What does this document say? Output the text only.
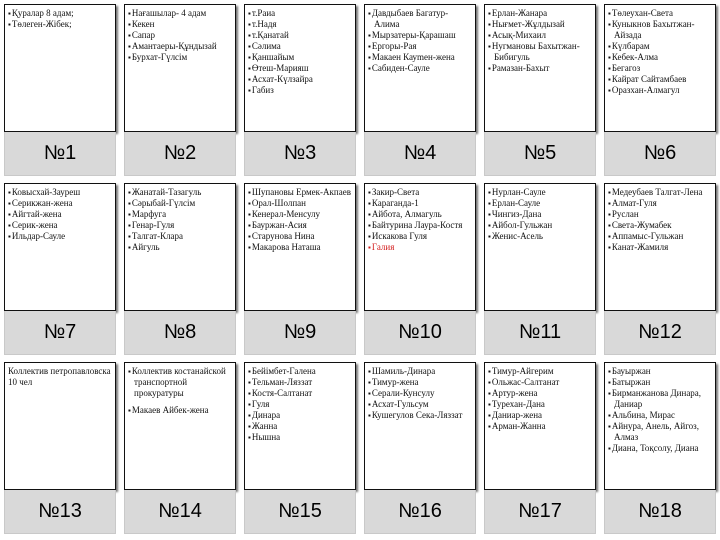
▪ Қуралар 8 адам;
▪ Төлеген-Жібек;
№1
▪ Нағашылар- 4 адам
▪ Кекен
▪ Сапар
▪ Амантаеры-Құндызай
▪ Бурхат-Гүлсім
№2
▪ т.Раиа
▪ т.Надя
▪ т.Қанатай
▪ Сәлима
▪ Қаншайым
▪ Өтеш-Марияш
▪ Асхат-Күлзайра
▪ Габиз
№3
▪ Давдыбаев Багатур-Алима
▪ Мырзатеры-Қарашаш
▪ Ергоры-Рая
▪ Макаен Кауmен-жена
▪ Сабиден-Сауле
№4
▪ Ерлан-Жанара
▪ Нығмет-Жұлдызай
▪ Асық-Михаил
▪ Нугмановы Бахытжан-Бибигуль
▪ Рамазан-Бахыт
№5
▪ Төлеухан-Света
▪ Куныкнов Бахытжан-Айзада
▪ Күлбарам
▪ Кебек-Алма
▪ Бегагоз
▪ Кайрат Сайтамбаев
▪ Оразхан-Алмагул
№6
▪ Ковысхай-Зауреш
▪ Серикжан-жена
▪ Айгтай-жена
▪ Серик-жена
▪ Ильдар-Сауле
№7
▪ Жанатай-Тазагуль
▪ Сәрыбай-Гүлсім
▪ Марфуга
▪ Генар-Гуля
▪ Талгат-Клара
▪ Айгуль
№8
▪ Шупановы Ермек-Акпаев
▪ Орал-Шолпан
▪ Кенерал-Менсулу
▪ Бауржан-Асия
▪ Старунова Нина
▪ Макарова Наташа
№9
▪ Закир-Света
▪ Караганда-1
▪ Айбота, Алмагуль
▪ Байтурина Лаура-Костя
▪ Искакова Гуля
▪ Галия
№10
▪ Нурлан-Сауле
▪ Ерлан-Сауле
▪ Чингиз-Дана
▪ Айбол-Гульжан
▪ Женис-Асель
№11
▪ Медеубаев Талгат-Лена
▪ Алмат-Гуля
▪ Руслан
▪ Света-Жумабек
▪ Аппамыс-Гульжан
▪ Канат-Жамиля
№12
Коллектив петропавловска 10 чел
№13
▪ Коллектив костанайской транспортной прокуратуры
▪ Макаев Айбек-жена
№14
▪ Бейімбет-Галена
▪ Тельман-Ляззат
▪ Костя-Салтанат
▪ Гуля
▪ Динара
▪ Жанна
▪ Нышна
№15
▪ Шамиль-Динара
▪ Тимур-жена
▪ Серали-Кунсулу
▪ Асхат-Гульсум
▪ Кушегулов Сека-Ляззат
№16
▪ Тимур-Айгерим
▪ Ольжас-Салтанат
▪ Артур-жена
▪ Турехан-Дана
▪ Даниар-жена
▪ Арман-Жанна
№17
▪ Бауыржан
▪ Батыржан
▪ Бирманжанова Динара, Даниар
▪ Альбина, Мирас
▪ Айнура, Анель, Айгоз, Алмаз
▪ Диана, Тоқсолу, Диана
№18
